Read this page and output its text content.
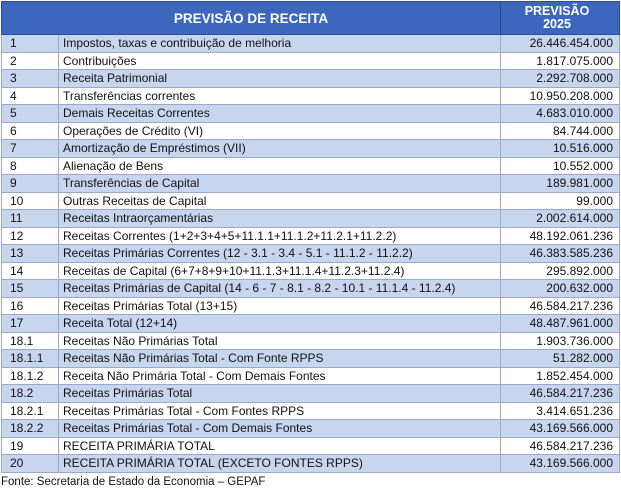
PREVISÃO DE RECEITA		PREVISÃO
2025

1	Impostos, taxas e contribuição de melhoria	26.446.454.000
2	Contribuições	1.817.075.000
3	Receita Patrimonial	2.292.708.000
4	Transferências correntes	10.950.208.000
5	Demais Receitas Correntes	4.683.010.000
6	Operações de Crédito (VI)	84.744.000
7	Amortização de Empréstimos (VII)	10.516.000
8	Alienação de Bens	10.552.000
9	Transferências de Capital	189.981.000
10	Outras Receitas de Capital	99.000
11	Receitas Intraorçamentárias	2.002.614.000
12	Receitas Correntes (1+2+3+4+5+11.1.1+11.1.2+11.2.1+11.2.2)	48.192.061.236
13	Receitas Primárias Correntes (12 - 3.1 - 3.4 - 5.1 - 11.1.2 - 11.2.2)	46.383.585.236
14	Receitas de Capital (6+7+8+9+10+11.1.3+11.1.4+11.2.3+11.2.4)	295.892.000
15	Receitas Primárias de Capital (14 - 6 - 7 - 8.1 - 8.2 - 10.1 - 11.1.4 - 11.2.4)	200.632.000
16	Receitas Primárias Total (13+15)	46.584.217.236
17	Receita Total (12+14)	48.487.961.000
18.1	Receitas Não Primárias Total	1.903.736.000
18.1.1	Receitas Não Primárias Total - Com Fonte RPPS	51.282.000
18.1.2	Receita Não Primária Total - Com Demais Fontes	1.852.454.000
18.2	Receitas Primárias Total	46.584.217.236
18.2.1	Receitas Primárias Total - Com Fontes RPPS	3.414.651.236
18.2.2	Receitas Primárias Total - Com Demais Fontes	43.169.566.000
19	RECEITA PRIMÁRIA TOTAL	46.584.217.236
20	RECEITA PRIMÁRIA TOTAL (EXCETO FONTES RPPS)	43.169.566.000
Fonte: Secretaria de Estado da Economia – GEPAF
